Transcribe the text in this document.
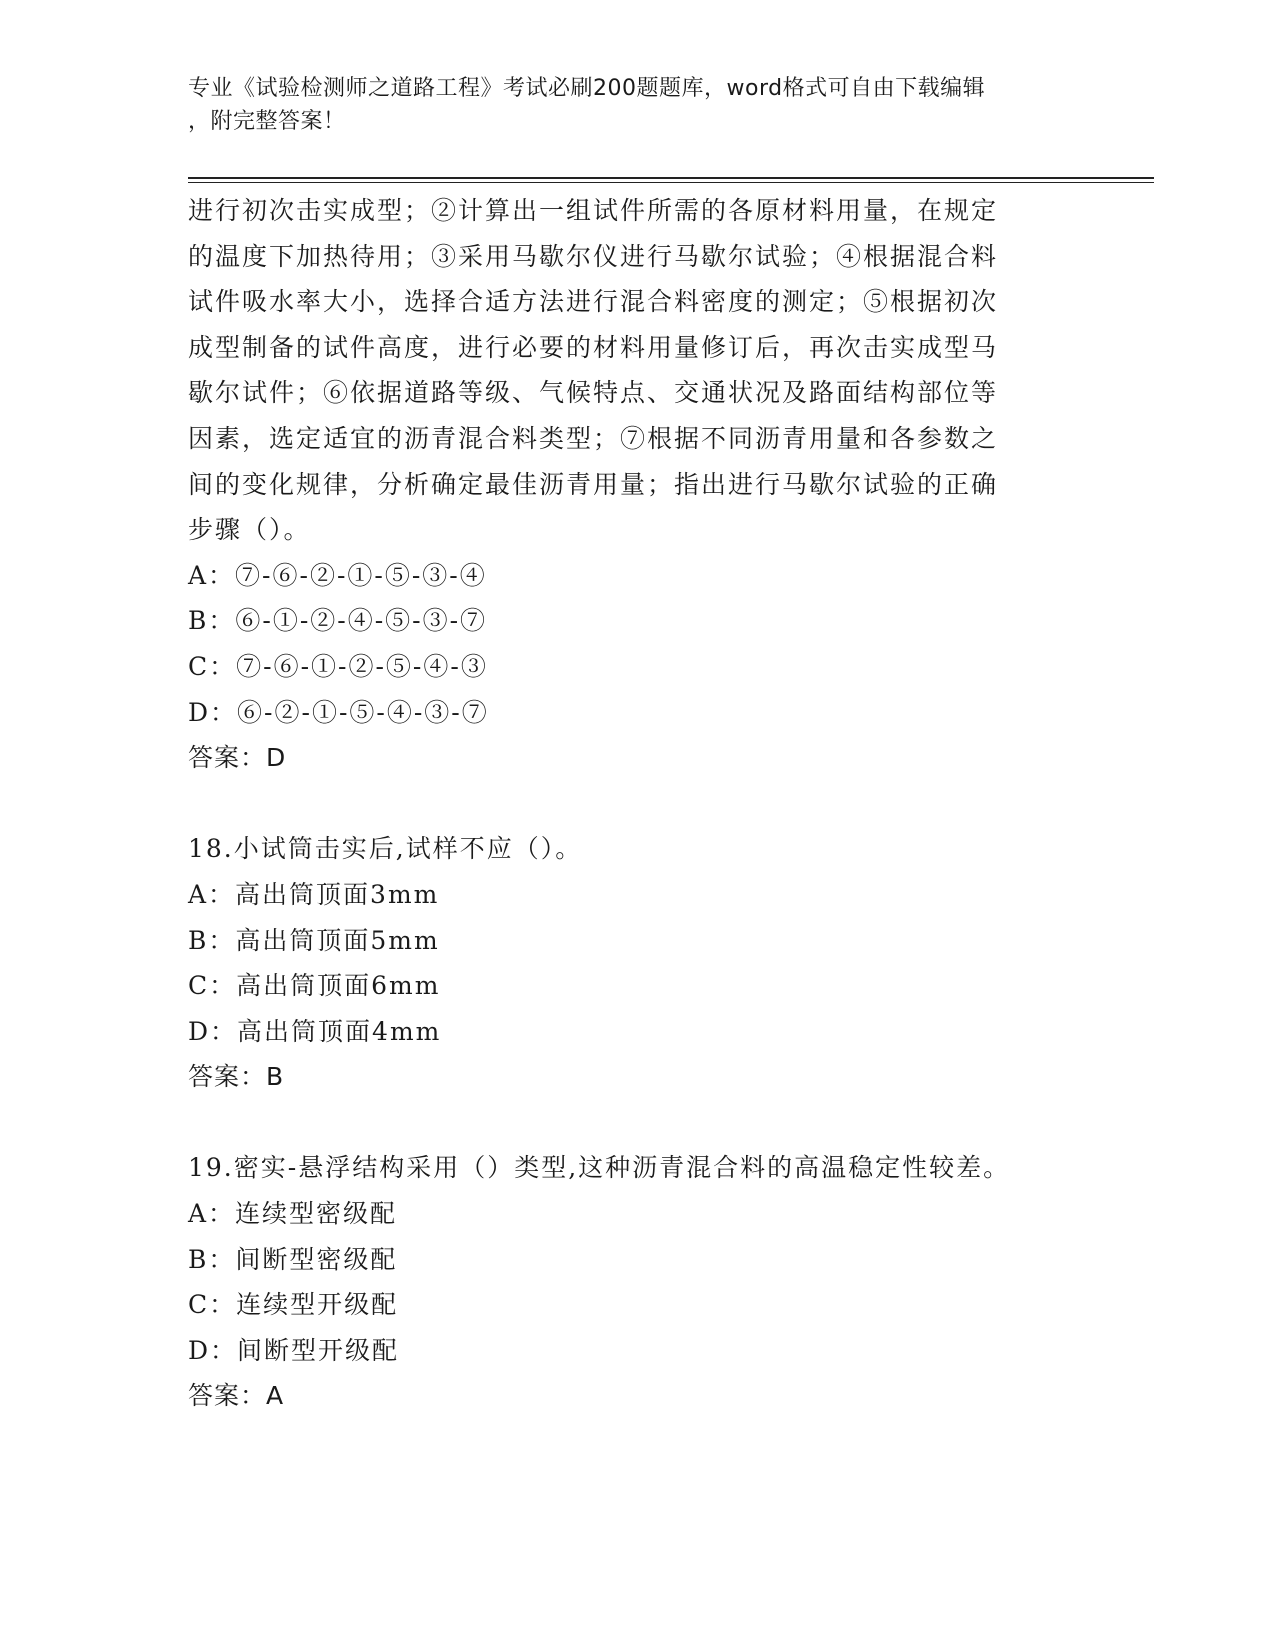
专业《试验检测师之道路工程》考试必刷200题题库，word格式可自由下载编辑
，附完整答案！
进行初次击实成型；②计算出一组试件所需的各原材料用量，在规定
的温度下加热待用；③采用马歇尔仪进行马歇尔试验；④根据混合料
试件吸水率大小，选择合适方法进行混合料密度的测定；⑤根据初次
成型制备的试件高度，进行必要的材料用量修订后，再次击实成型马
歇尔试件；⑥依据道路等级、气候特点、交通状况及路面结构部位等
因素，选定适宜的沥青混合料类型；⑦根据不同沥青用量和各参数之
间的变化规律，分析确定最佳沥青用量；指出进行马歇尔试验的正确
步骤（）。
A：⑦-⑥-②-①-⑤-③-④
B：⑥-①-②-④-⑤-③-⑦
C：⑦-⑥-①-②-⑤-④-③
D：⑥-②-①-⑤-④-③-⑦
答案：D
18.小试筒击实后,试样不应（）。
A：高出筒顶面3mm
B：高出筒顶面5mm
C：高出筒顶面6mm
D：高出筒顶面4mm
答案：B
19.密实-悬浮结构采用（）类型,这种沥青混合料的高温稳定性较差。
A：连续型密级配
B：间断型密级配
C：连续型开级配
D：间断型开级配
答案：A
